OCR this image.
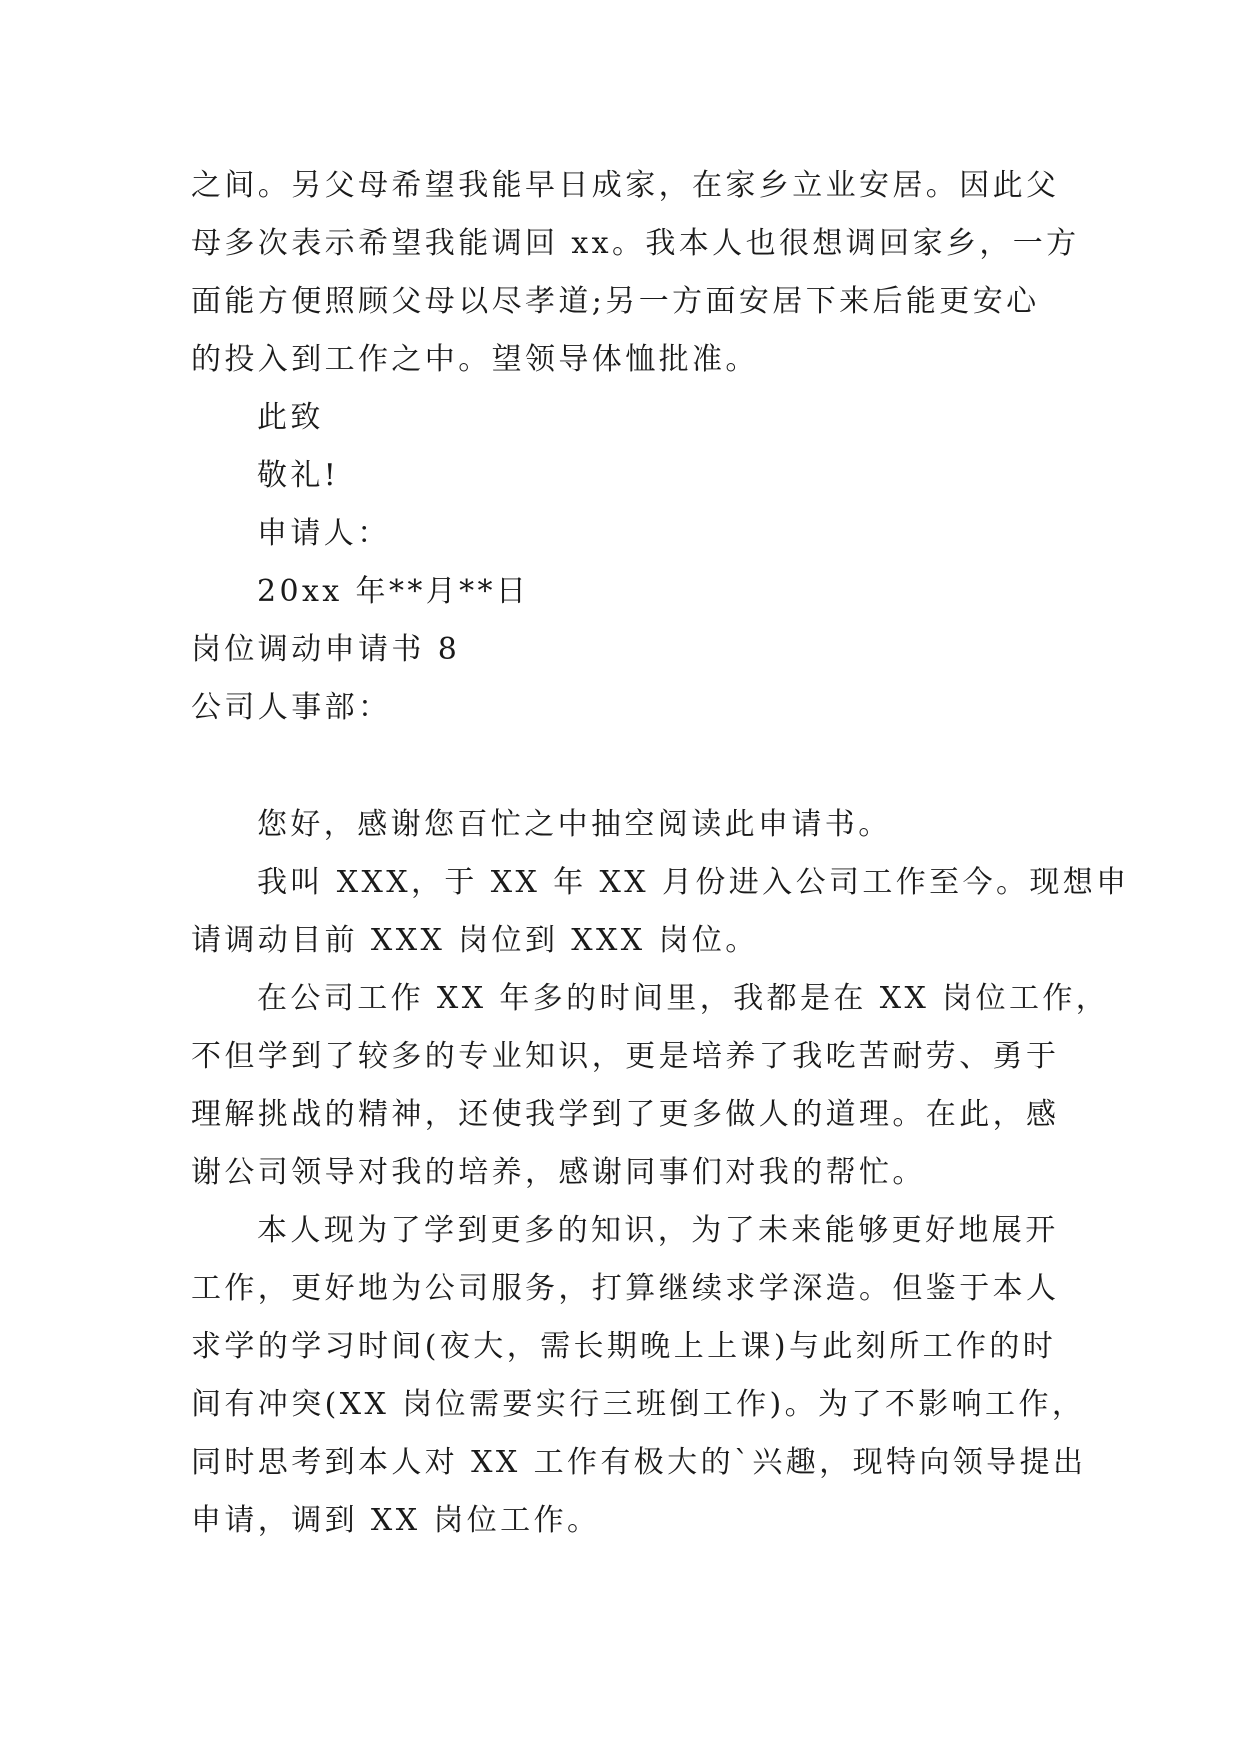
之间。另父母希望我能早日成家，在家乡立业安居。因此父
母多次表示希望我能调回 xx。我本人也很想调回家乡，一方
面能方便照顾父母以尽孝道;另一方面安居下来后能更安心
的投入到工作之中。望领导体恤批准。
此致
敬礼!
申请人：
20xx 年**月**日
岗位调动申请书 8
公司人事部：
您好，感谢您百忙之中抽空阅读此申请书。
我叫 XXX，于 XX 年 XX 月份进入公司工作至今。现想申
请调动目前 XXX 岗位到 XXX 岗位。
在公司工作 XX 年多的时间里，我都是在 XX 岗位工作，
不但学到了较多的专业知识，更是培养了我吃苦耐劳、勇于
理解挑战的精神，还使我学到了更多做人的道理。在此，感
谢公司领导对我的培养，感谢同事们对我的帮忙。
本人现为了学到更多的知识，为了未来能够更好地展开
工作，更好地为公司服务，打算继续求学深造。但鉴于本人
求学的学习时间(夜大，需长期晚上上课)与此刻所工作的时
间有冲突(XX 岗位需要实行三班倒工作)。为了不影响工作，
同时思考到本人对 XX 工作有极大的`兴趣，现特向领导提出
申请，调到 XX 岗位工作。
